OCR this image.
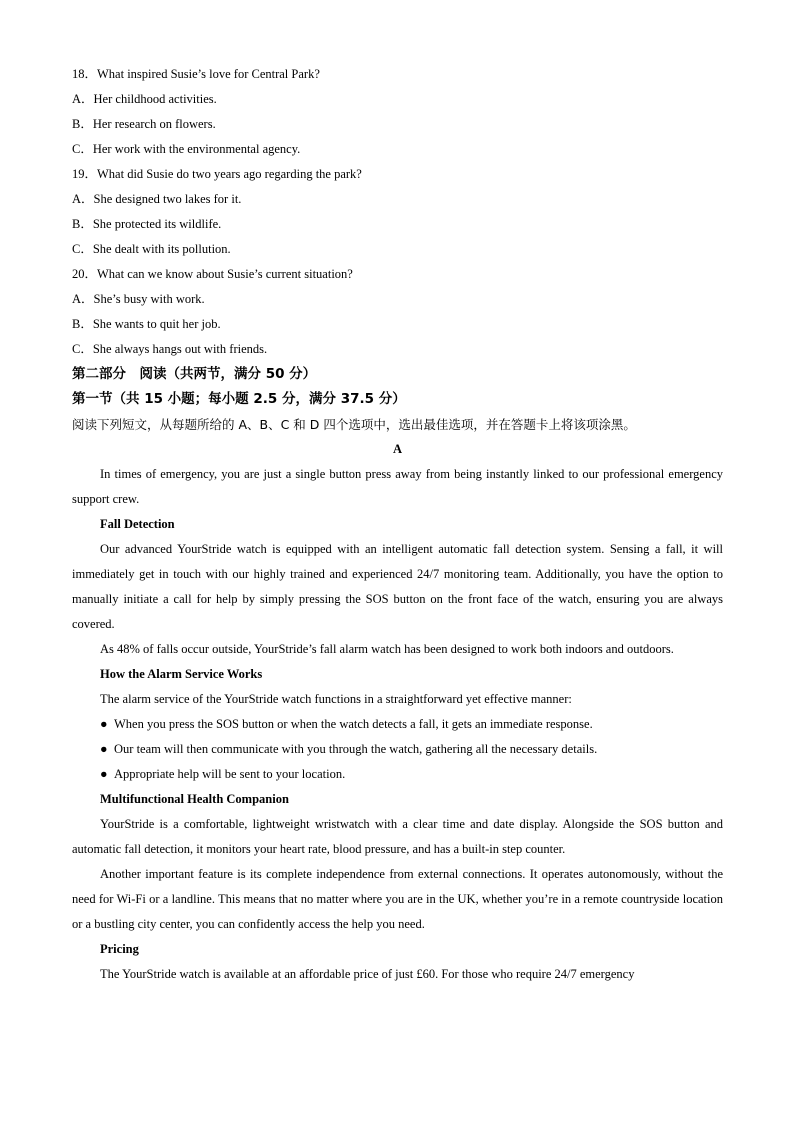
18．What inspired Susie’s love for Central Park?
A．Her childhood activities.
B．Her research on flowers.
C．Her work with the environmental agency.
19．What did Susie do two years ago regarding the park?
A．She designed two lakes for it.
B．She protected its wildlife.
C．She dealt with its pollution.
20．What can we know about Susie’s current situation?
A．She’s busy with work.
B．She wants to quit her job.
C．She always hangs out with friends.
第二部分　阅读（共两节，满分 50 分）
第一节（共 15 小题；每小题 2.5 分，满分 37.5 分）
阅读下列短文，从每题所给的 A、B、C 和 D 四个选项中，选出最佳选项，并在答题卡上将该项涂黑。
A
In times of emergency, you are just a single button press away from being instantly linked to our professional emergency support crew.
Fall Detection
Our advanced YourStride watch is equipped with an intelligent automatic fall detection system. Sensing a fall, it will immediately get in touch with our highly trained and experienced 24/7 monitoring team. Additionally, you have the option to manually initiate a call for help by simply pressing the SOS button on the front face of the watch, ensuring you are always covered.
As 48% of falls occur outside, YourStride’s fall alarm watch has been designed to work both indoors and outdoors.
How the Alarm Service Works
The alarm service of the YourStride watch functions in a straightforward yet effective manner:
● When you press the SOS button or when the watch detects a fall, it gets an immediate response.
● Our team will then communicate with you through the watch, gathering all the necessary details.
● Appropriate help will be sent to your location.
Multifunctional Health Companion
YourStride is a comfortable, lightweight wristwatch with a clear time and date display. Alongside the SOS button and automatic fall detection, it monitors your heart rate, blood pressure, and has a built-in step counter.
Another important feature is its complete independence from external connections. It operates autonomously, without the need for Wi-Fi or a landline. This means that no matter where you are in the UK, whether you’re in a remote countryside location or a bustling city center, you can confidently access the help you need.
Pricing
The YourStride watch is available at an affordable price of just £60. For those who require 24/7 emergency
